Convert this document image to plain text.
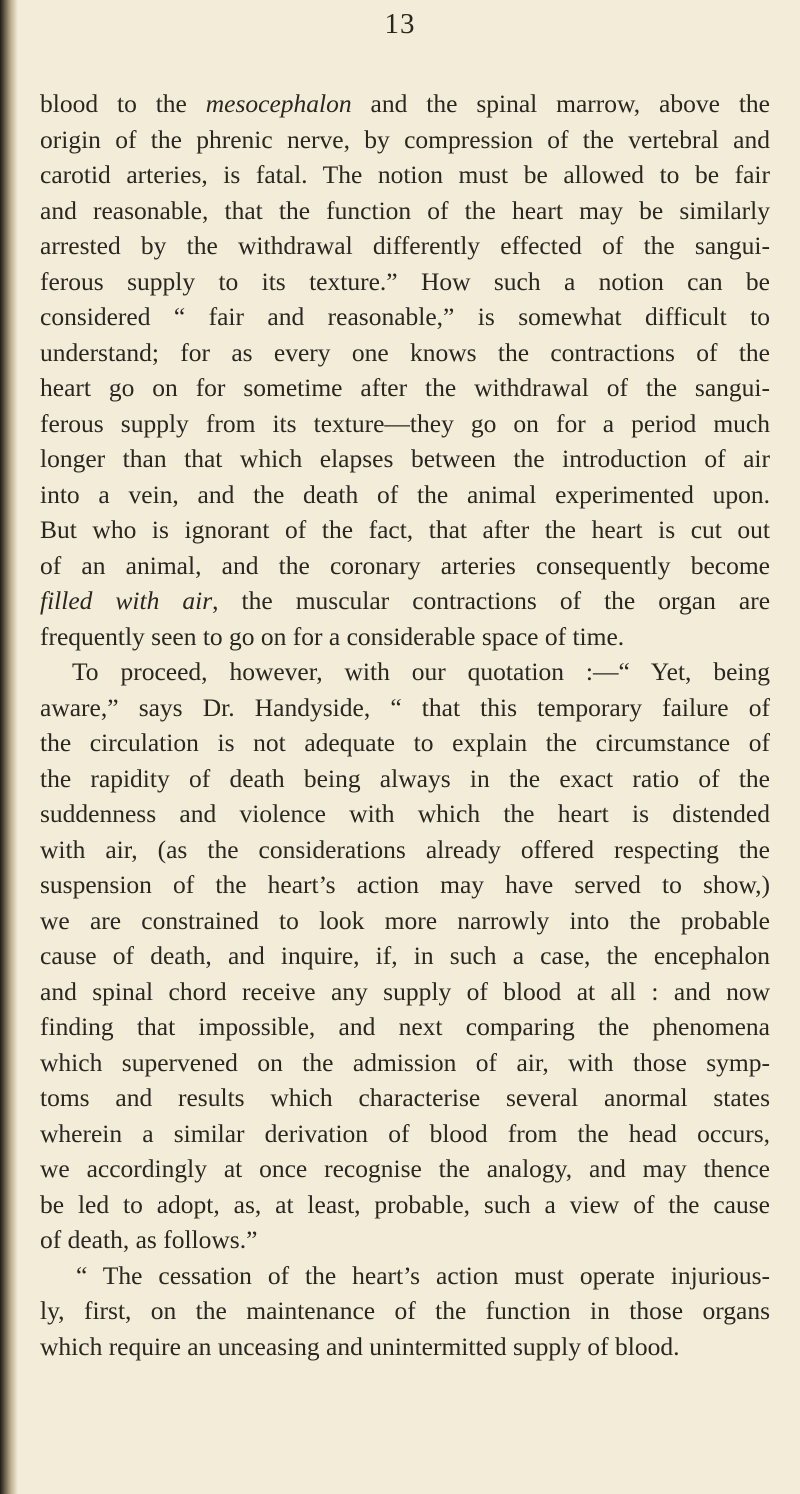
13
blood to the mesocephalon and the spinal marrow, above the
origin of the phrenic nerve, by compression of the vertebral and
carotid arteries, is fatal. The notion must be allowed to be fair
and reasonable, that the function of the heart may be similarly
arrested by the withdrawal differently effected of the sangui-
ferous supply to its texture.” How such a notion can be
considered “ fair and reasonable,” is somewhat difficult to
understand; for as every one knows the contractions of the
heart go on for sometime after the withdrawal of the sangui-
ferous supply from its texture—they go on for a period much
longer than that which elapses between the introduction of air
into a vein, and the death of the animal experimented upon.
But who is ignorant of the fact, that after the heart is cut out
of an animal, and the coronary arteries consequently become
filled with air, the muscular contractions of the organ are
frequently seen to go on for a considerable space of time.
To proceed, however, with our quotation :—“ Yet, being
aware,” says Dr. Handyside, “ that this temporary failure of
the circulation is not adequate to explain the circumstance of
the rapidity of death being always in the exact ratio of the
suddenness and violence with which the heart is distended
with air, (as the considerations already offered respecting the
suspension of the heart’s action may have served to show,)
we are constrained to look more narrowly into the probable
cause of death, and inquire, if, in such a case, the encephalon
and spinal chord receive any supply of blood at all : and now
finding that impossible, and next comparing the phenomena
which supervened on the admission of air, with those symp-
toms and results which characterise several anormal states
wherein a similar derivation of blood from the head occurs,
we accordingly at once recognise the analogy, and may thence
be led to adopt, as, at least, probable, such a view of the cause
of death, as follows.”
“ The cessation of the heart’s action must operate injurious-
ly, first, on the maintenance of the function in those organs
which require an unceasing and unintermitted supply of blood.
